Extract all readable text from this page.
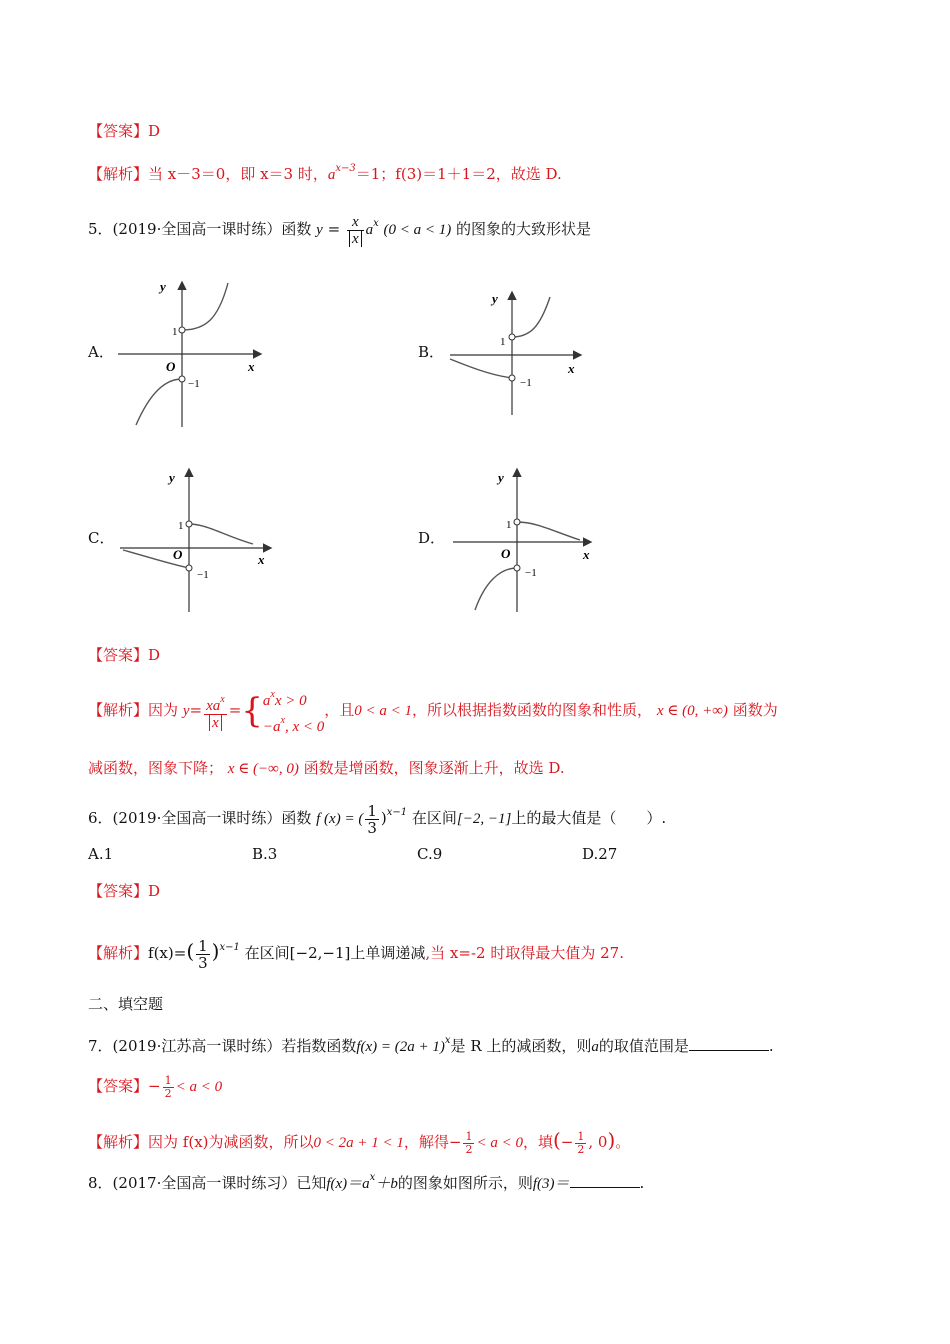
【答案】D
【解析】当 x－3＝0，即 x＝3 时，$a^{x-3}=1$；f(3)＝1＋1＝2，故选 D.
5．(2019·全国高一课时练）函数 $y = \frac{x}{x} a^x$ (0 < a < 1) 的图象的大致形状是
A．	B．
C．	D．
y
x
O
1
−1
y
x
1
−1
y
x
O
1
−1
y
x
O
1
−1
【答案】D
【解析】因为 $y= \frac{xa^x}{x}$ ={ $a^xx > 0$
$-a^x$, x < 0
，且0 < a < 1，所以根据指数函数的图象和性质， x ∈ (0, +∞) 函数为
减函数，图象下降； x ∈ (−∞, 0) 函数是增函数，图象逐渐上升，故选 D.
6．(2019·全国高一课时练）函数 f (x) = ( $\frac{1}{3} )^{x-1}$ 在区间[−2, −1]上的最大值是（　　）.
A.1	B.3	C.9	D.27
【答案】D
【解析】$f(x)=( \frac{1}{3} )^{x-1}$ 在区间[−2,−1]上单调递减,当 x=-2 时取得最大值为 27.
二、填空题
7．(2019·江苏高一课时练）若指数函数$f(x) = (2a + 1)^x$是 R 上的减函数，则a的取值范围是	.
【答案】− $\frac{1}{2} < a < 0$
【解析】因为 f(x)为减函数，所以0 < 2a + 1 < 1，解得− $\frac{1}{2} < a < 0$，填(− $\frac{1}{2}$ , 0)。
8．(2017·全国高一课时练习）已知$f(x)=a^x+b$的图象如图所示，则f(3)＝	.
